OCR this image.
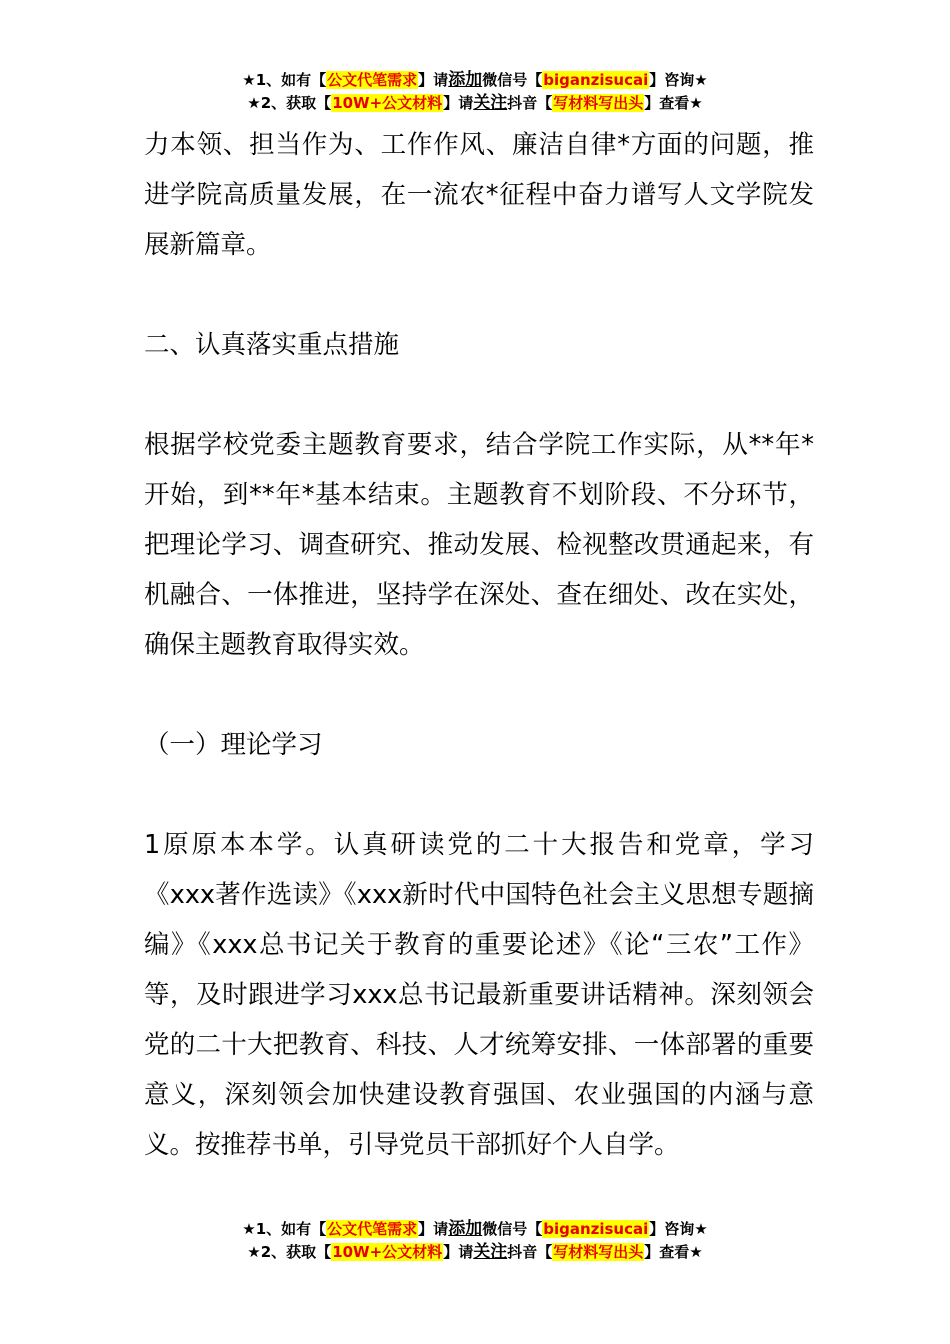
★1、如有【公文代笔需求】请添加微信号【biganzisucai】咨询★
★2、获取【10W+公文材料】请关注抖音【写材料写出头】查看★

力本领、担当作为、工作作风、廉洁自律*方面的问题，推进学院高质量发展，在一流农*征程中奋力谱写人文学院发展新篇章。

二、认真落实重点措施

根据学校党委主题教育要求，结合学院工作实际，从**年*开始，到**年*基本结束。主题教育不划阶段、不分环节，把理论学习、调查研究、推动发展、检视整改贯通起来，有机融合、一体推进，坚持学在深处、查在细处、改在实处，确保主题教育取得实效。

（一）理论学习

1原原本本学。认真研读党的二十大报告和党章，学习《xxx著作选读》《xxx新时代中国特色社会主义思想专题摘编》《xxx总书记关于教育的重要论述》《论“三农”工作》等，及时跟进学习xxx总书记最新重要讲话精神。深刻领会党的二十大把教育、科技、人才统筹安排、一体部署的重要意义，深刻领会加快建设教育强国、农业强国的内涵与意义。按推荐书单，引导党员干部抓好个人自学。

★1、如有【公文代笔需求】请添加微信号【biganzisucai】咨询★
★2、获取【10W+公文材料】请关注抖音【写材料写出头】查看★
